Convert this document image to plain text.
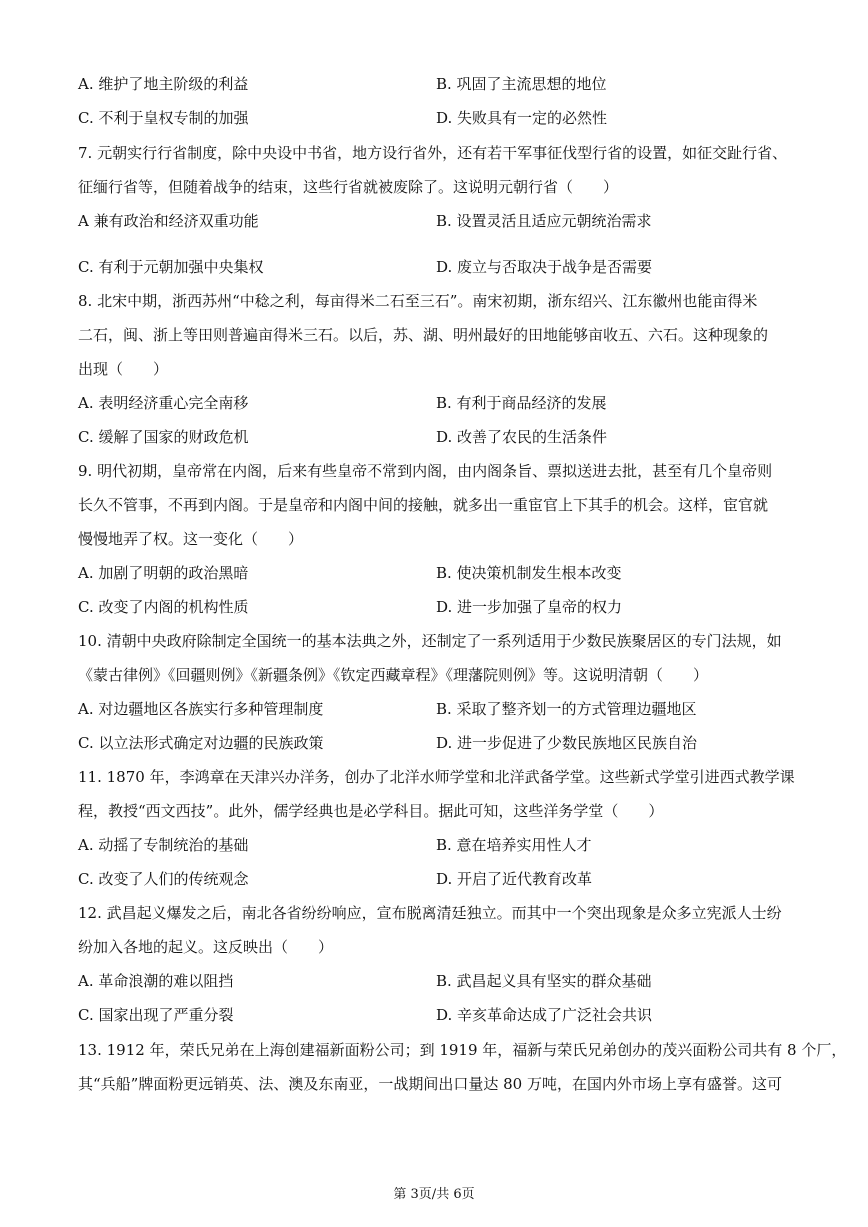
A. 维护了地主阶级的利益	B. 巩固了主流思想的地位
C. 不利于皇权专制的加强	D. 失败具有一定的必然性
7. 元朝实行行省制度，除中央设中书省，地方设行省外，还有若干军事征伐型行省的设置，如征交趾行省、
征缅行省等，但随着战争的结束，这些行省就被废除了。这说明元朝行省（　　）
A 兼有政治和经济双重功能	B. 设置灵活且适应元朝统治需求
C. 有利于元朝加强中央集权	D. 废立与否取决于战争是否需要
8. 北宋中期，浙西苏州“中稔之利，每亩得米二石至三石”。南宋初期，浙东绍兴、江东徽州也能亩得米
二石，闽、浙上等田则普遍亩得米三石。以后，苏、湖、明州最好的田地能够亩收五、六石。这种现象的
出现（　　）
A. 表明经济重心完全南移	B. 有利于商品经济的发展
C. 缓解了国家的财政危机	D. 改善了农民的生活条件
9. 明代初期，皇帝常在内阁，后来有些皇帝不常到内阁，由内阁条旨、票拟送进去批，甚至有几个皇帝则
长久不管事，不再到内阁。于是皇帝和内阁中间的接触，就多出一重宦官上下其手的机会。这样，宦官就
慢慢地弄了权。这一变化（　　）
A. 加剧了明朝的政治黑暗	B. 使决策机制发生根本改变
C. 改变了内阁的机构性质	D. 进一步加强了皇帝的权力
10. 清朝中央政府除制定全国统一的基本法典之外，还制定了一系列适用于少数民族聚居区的专门法规，如
《蒙古律例》《回疆则例》《新疆条例》《钦定西藏章程》《理藩院则例》等。这说明清朝（　　）
A. 对边疆地区各族实行多种管理制度	B. 采取了整齐划一的方式管理边疆地区
C. 以立法形式确定对边疆的民族政策	D. 进一步促进了少数民族地区民族自治
11. 1870 年，李鸿章在天津兴办洋务，创办了北洋水师学堂和北洋武备学堂。这些新式学堂引进西式教学课
程，教授“西文西技”。此外，儒学经典也是必学科目。据此可知，这些洋务学堂（　　）
A. 动摇了专制统治的基础	B. 意在培养实用性人才
C. 改变了人们的传统观念	D. 开启了近代教育改革
12. 武昌起义爆发之后，南北各省纷纷响应，宣布脱离清廷独立。而其中一个突出现象是众多立宪派人士纷
纷加入各地的起义。这反映出（　　）
A. 革命浪潮的难以阻挡	B. 武昌起义具有坚实的群众基础
C. 国家出现了严重分裂	D. 辛亥革命达成了广泛社会共识
13. 1912 年，荣氏兄弟在上海创建福新面粉公司；到 1919 年，福新与荣氏兄弟创办的茂兴面粉公司共有 8 个厂，
其“兵船”牌面粉更远销英、法、澳及东南亚，一战期间出口量达 80 万吨，在国内外市场上享有盛誉。这可
第 3页/共 6页
